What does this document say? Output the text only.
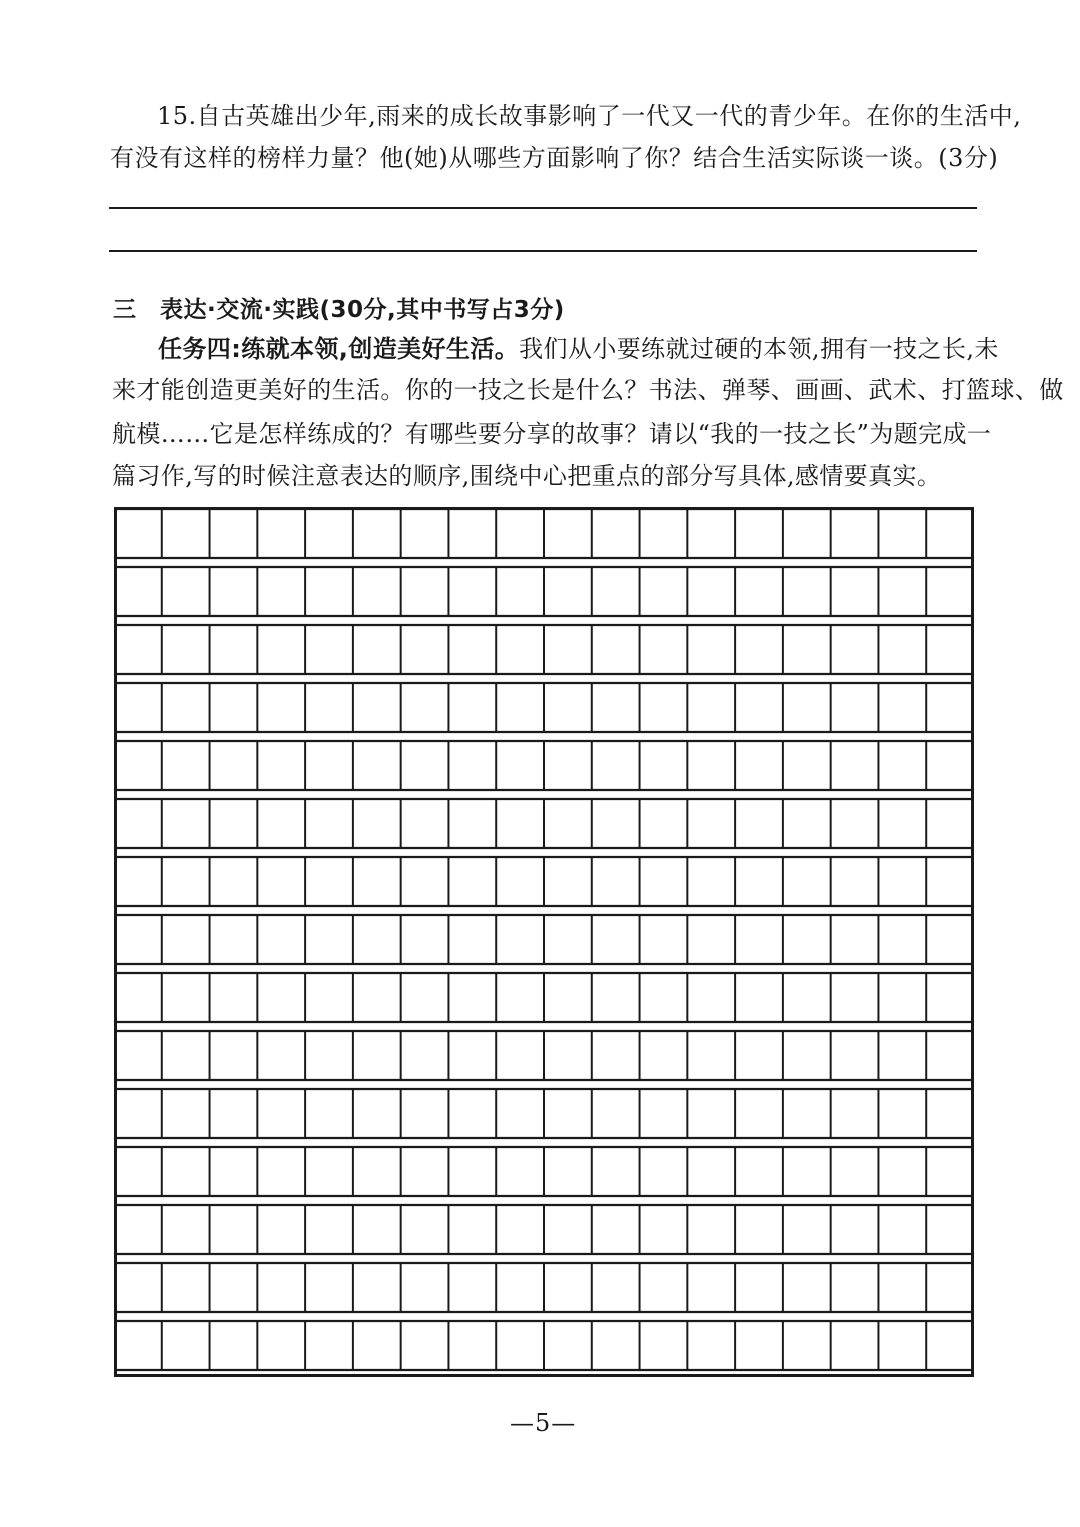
15.自古英雄出少年,雨来的成长故事影响了一代又一代的青少年。在你的生活中,
有没有这样的榜样力量？他(她)从哪些方面影响了你？结合生活实际谈一谈。(3分)
三 表达·交流·实践(30分,其中书写占3分)
任务四:练就本领,创造美好生活。我们从小要练就过硬的本领,拥有一技之长,未
来才能创造更美好的生活。你的一技之长是什么？书法、弹琴、画画、武术、打篮球、做
航模……它是怎样练成的？有哪些要分享的故事？请以“我的一技之长”为题完成一
篇习作,写的时候注意表达的顺序,围绕中心把重点的部分写具体,感情要真实。
—5—
